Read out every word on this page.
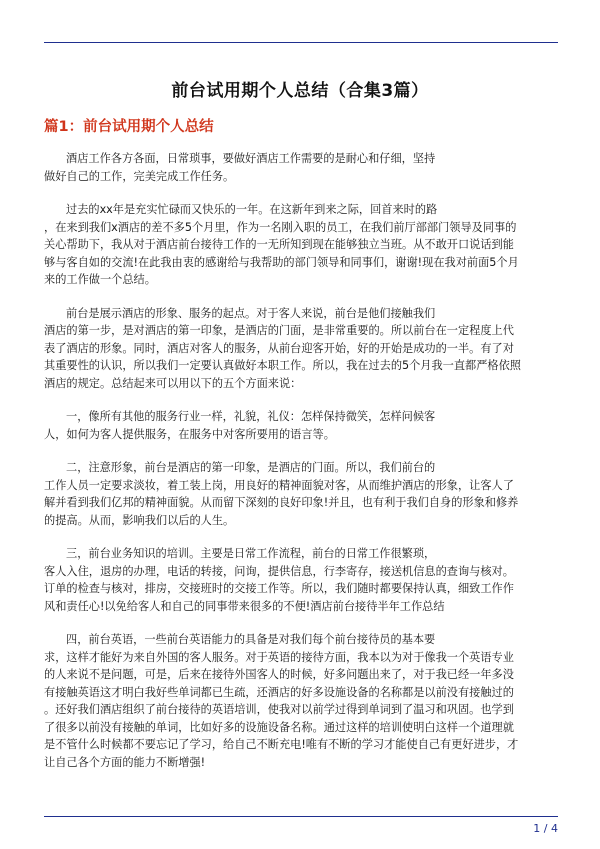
前台试用期个人总结（合集3篇）
篇1：前台试用期个人总结
酒店工作各方各面，日常琐事，要做好酒店工作需要的是耐心和仔细，坚持
做好自己的工作，完美完成工作任务。
过去的xx年是充实忙碌而又快乐的一年。在这新年到来之际，回首来时的路
，在来到我们x酒店的差不多5个月里，作为一名刚入职的员工，在我们前厅部部门领导及同事的
关心帮助下，我从对于酒店前台接待工作的一无所知到现在能够独立当班。从不敢开口说话到能
够与客自如的交流!在此我由衷的感谢给与我帮助的部门领导和同事们，谢谢!现在我对前面5个月
来的工作做一个总结。
前台是展示酒店的形象、服务的起点。对于客人来说，前台是他们接触我们
酒店的第一步，是对酒店的第一印象，是酒店的门面，是非常重要的。所以前台在一定程度上代
表了酒店的形象。同时，酒店对客人的服务，从前台迎客开始，好的开始是成功的一半。有了对
其重要性的认识，所以我们一定要认真做好本职工作。所以，我在过去的5个月我一直都严格依照
酒店的规定。总结起来可以用以下的五个方面来说：
一，像所有其他的服务行业一样，礼貌，礼仪：怎样保持微笑，怎样问候客
人，如何为客人提供服务，在服务中对客所要用的语言等。
二，注意形象，前台是酒店的第一印象，是酒店的门面。所以，我们前台的
工作人员一定要求淡妆，着工装上岗，用良好的精神面貌对客，从而维护酒店的形象，让客人了
解并看到我们亿邦的精神面貌。从而留下深刻的良好印象!并且，也有利于我们自身的形象和修养
的提高。从而，影响我们以后的人生。
三，前台业务知识的培训。主要是日常工作流程，前台的日常工作很繁琐，
客人入住，退房的办理，电话的转接，问询，提供信息，行李寄存，接送机信息的查询与核对。
订单的检查与核对，排房，交接班时的交接工作等。所以，我们随时都要保持认真，细致工作作
风和责任心!以免给客人和自己的同事带来很多的不便!酒店前台接待半年工作总结
四，前台英语，一些前台英语能力的具备是对我们每个前台接待员的基本要
求，这样才能好为来自外国的客人服务。对于英语的接待方面，我本以为对于像我一个英语专业
的人来说不是问题，可是，后来在接待外国客人的时候，好多问题出来了，对于我已经一年多没
有接触英语这才明白我好些单词都已生疏，还酒店的好多设施设备的名称都是以前没有接触过的
。还好我们酒店组织了前台接待的英语培训，使我对以前学过得到单词到了温习和巩固。也学到
了很多以前没有接触的单词，比如好多的设施设备名称。通过这样的培训使明白这样一个道理就
是不管什么时候都不要忘记了学习，给自己不断充电!唯有不断的学习才能使自己有更好进步，才
让自己各个方面的能力不断增强!
1 / 4
